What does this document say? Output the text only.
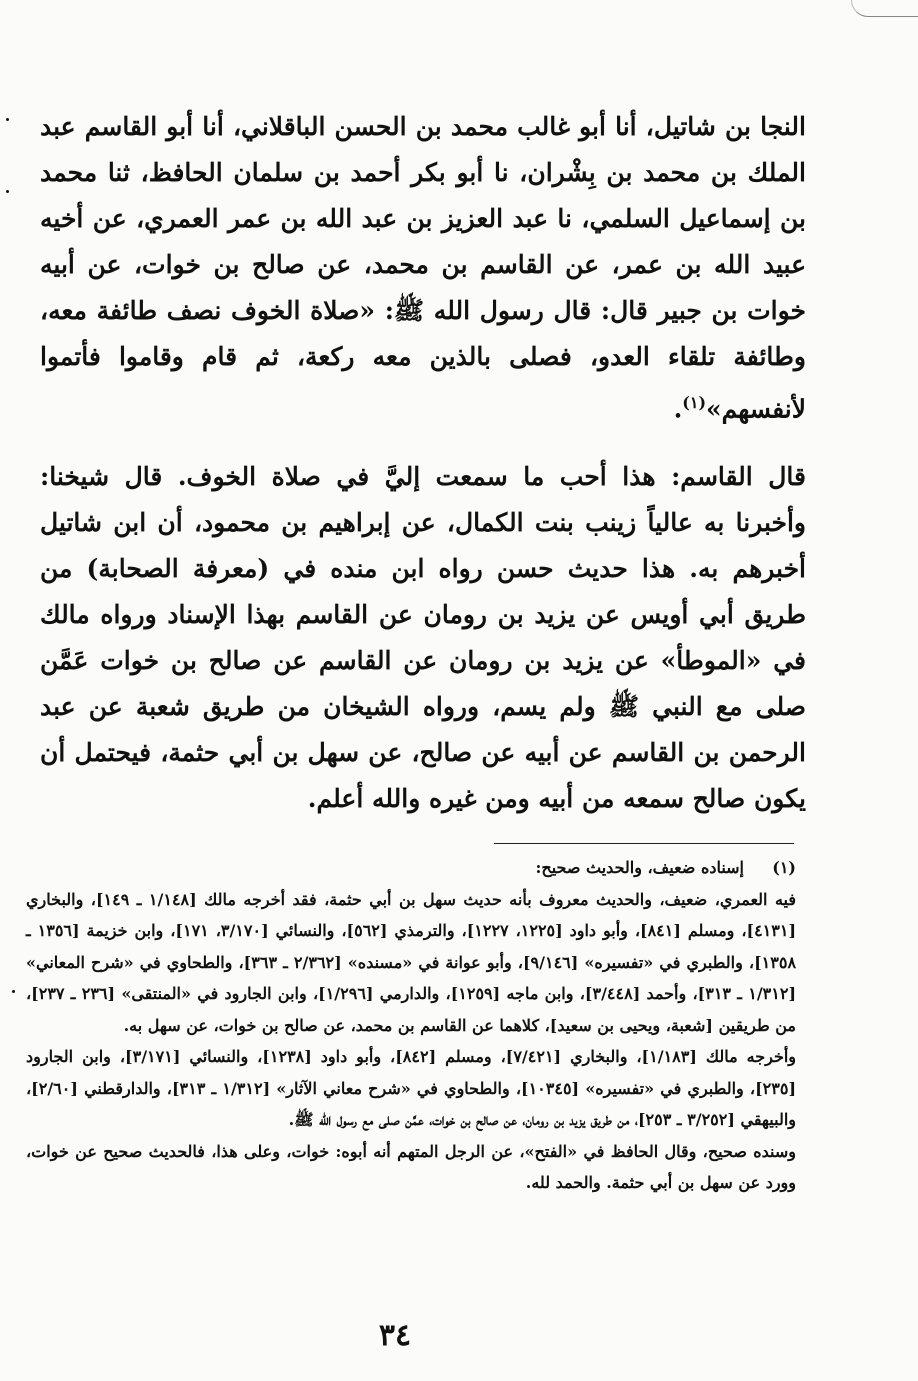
النجا بن شاتيل، أنا أبو غالب محمد بن الحسن الباقلاني، أنا أبو القاسم عبد الملك بن محمد بن بِشْران، نا أبو بكر أحمد بن سلمان الحافظ، ثنا محمد بن إسماعيل السلمي، نا عبد العزيز بن عبد الله بن عمر العمري، عن أخيه عبيد الله بن عمر، عن القاسم بن محمد، عن صالح بن خوات، عن أبيه خوات بن جبير قال: قال رسول الله ﷺ: «صلاة الخوف نصف طائفة معه، وطائفة تلقاء العدو، فصلى بالذين معه ركعة، ثم قام وقاموا فأتموا لأنفسهم»$^{(١)}$.

قال القاسم: هذا أحب ما سمعت إليَّ في صلاة الخوف. قال شيخنا: وأخبرنا به عالياً زينب بنت الكمال، عن إبراهيم بن محمود، أن ابن شاتيل أخبرهم به. هذا حديث حسن رواه ابن منده في (معرفة الصحابة) من طريق أبي أويس عن يزيد بن رومان عن القاسم بهذا الإسناد ورواه مالك في «الموطأ» عن يزيد بن رومان عن القاسم عن صالح بن خوات عَمَّن صلى مع النبي ﷺ ولم يسم، ورواه الشيخان من طريق شعبة عن عبد الرحمن بن القاسم عن أبيه عن صالح، عن سهل بن أبي حثمة، فيحتمل أن يكون صالح سمعه من أبيه ومن غيره والله أعلم.

(١)إسناده ضعيف، والحديث صحيح:

فيه العمري، ضعيف، والحديث معروف بأنه حديث سهل بن أبي حثمة، فقد أخرجه مالك [١/١٤٨ ـ ١٤٩]، والبخاري [٤١٣١]، ومسلم [٨٤١]، وأبو داود [١٢٢٥، ١٢٢٧]، والترمذي [٥٦٢]، والنسائي [٣/١٧٠، ١٧١]، وابن خزيمة [١٣٥٦ ـ ١٣٥٨]، والطبري في «تفسيره» [٩/١٤٦]، وأبو عوانة في «مسنده» [٢/٣٦٢ ـ ٣٦٣]، والطحاوي في «شرح المعاني» [١/٣١٢ ـ ٣١٣]، وأحمد [٣/٤٤٨]، وابن ماجه [١٢٥٩]، والدارمي [١/٢٩٦]، وابن الجارود في «المنتقى» [٢٣٦ ـ ٢٣٧]، من طريقين [شعبة، ويحيى بن سعيد]، كلاهما عن القاسم بن محمد، عن صالح بن خوات، عن سهل به.

وأخرجه مالك [١/١٨٣]، والبخاري [٧/٤٢١]، ومسلم [٨٤٢]، وأبو داود [١٢٣٨]، والنسائي [٣/١٧١]، وابن الجارود [٢٣٥]، والطبري في «تفسيره» [١٠٣٤٥]، والطحاوي في «شرح معاني الآثار» [١/٣١٢ ـ ٣١٣]، والدارقطني [٢/٦٠]، والبيهقي [٣/٢٥٢ ـ ٢٥٣]، من طريق يزيد بن رومان، عن صالح بن خوات، عمَّن صلى مع رسول الله ﷺ.

وسنده صحيح، وقال الحافظ في «الفتح»، عن الرجل المتهم أنه أبوه: خوات، وعلى هذا، فالحديث صحيح عن خوات، وورد عن سهل بن أبي حثمة. والحمد لله.

٣٤
